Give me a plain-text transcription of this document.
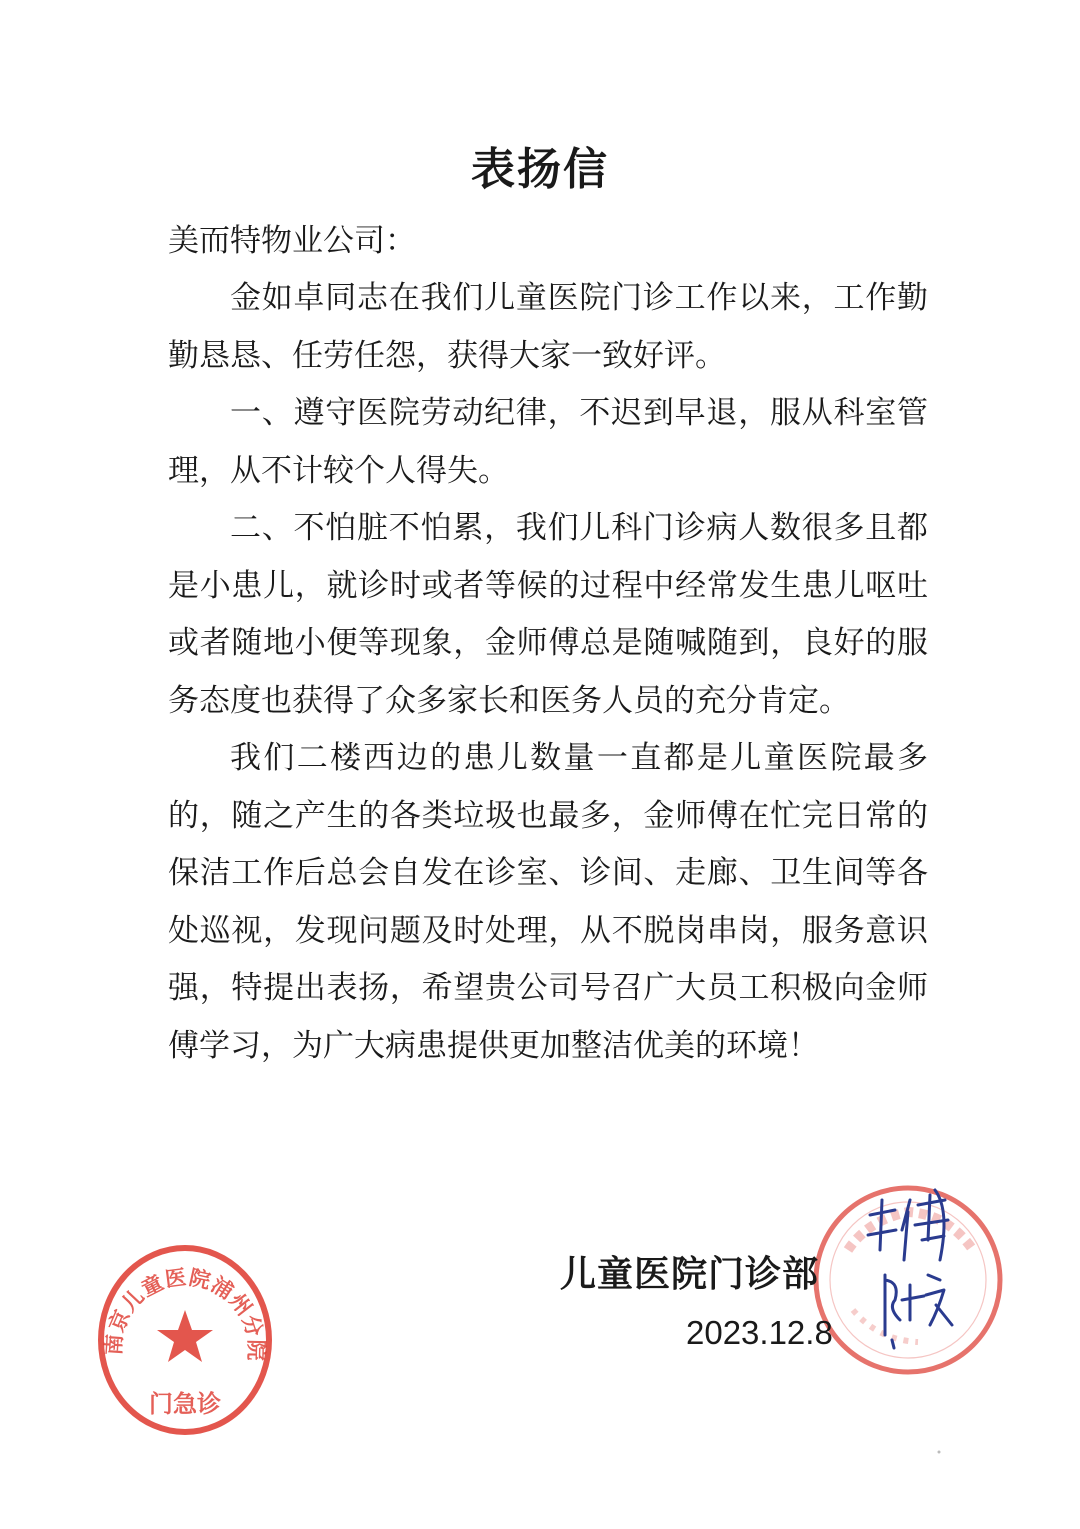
表扬信
美而特物业公司：

金如卓同志在我们儿童医院门诊工作以来，工作勤勤恳恳、任劳任怨，获得大家一致好评。

一、遵守医院劳动纪律，不迟到早退，服从科室管理，从不计较个人得失。

二、不怕脏不怕累，我们儿科门诊病人数很多且都是小患儿，就诊时或者等候的过程中经常发生患儿呕吐或者随地小便等现象，金师傅总是随喊随到，良好的服务态度也获得了众多家长和医务人员的充分肯定。

我们二楼西边的患儿数量一直都是儿童医院最多的，随之产生的各类垃圾也最多，金师傅在忙完日常的保洁工作后总会自发在诊室、诊间、走廊、卫生间等各处巡视，发现问题及时处理，从不脱岗串岗，服务意识强，特提出表扬，希望贵公司号召广大员工积极向金师傅学习，为广大病患提供更加整洁优美的环境！

儿童医院门诊部
2023.12.8
南京儿童医院浦州分院
门急诊
